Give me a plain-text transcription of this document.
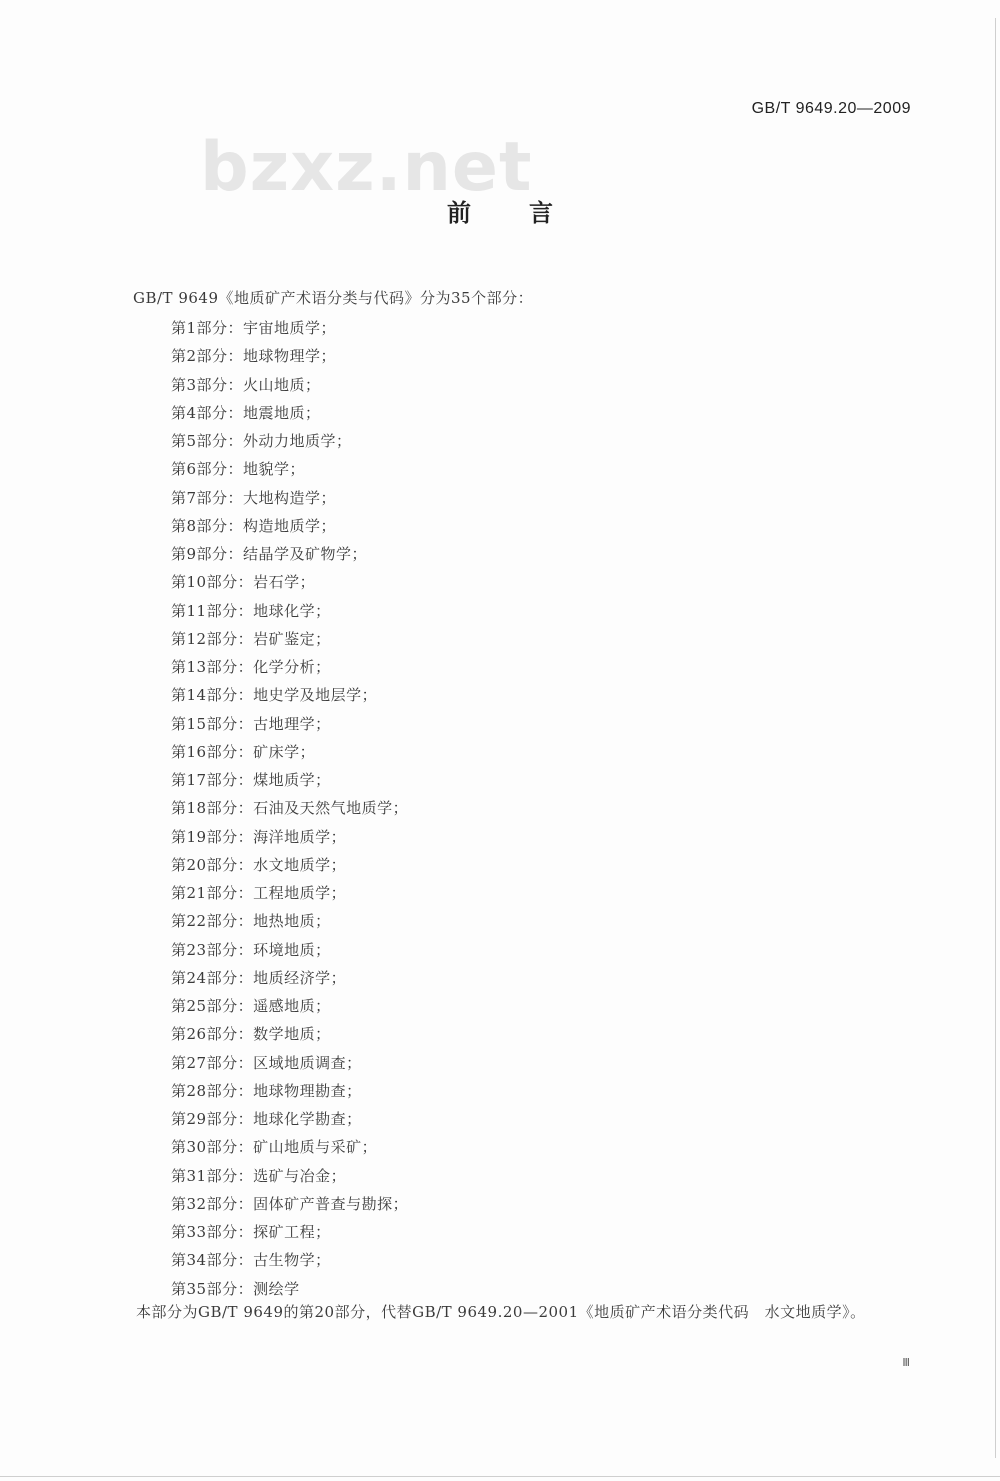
GB/T 9649.20—2009
bzxz.net
前言
GB/T 9649《地质矿产术语分类与代码》分为35个部分：
第1部分：宇宙地质学；
第2部分：地球物理学；
第3部分：火山地质；
第4部分：地震地质；
第5部分：外动力地质学；
第6部分：地貌学；
第7部分：大地构造学；
第8部分：构造地质学；
第9部分：结晶学及矿物学；
第10部分：岩石学；
第11部分：地球化学；
第12部分：岩矿鉴定；
第13部分：化学分析；
第14部分：地史学及地层学；
第15部分：古地理学；
第16部分：矿床学；
第17部分：煤地质学；
第18部分：石油及天然气地质学；
第19部分：海洋地质学；
第20部分：水文地质学；
第21部分：工程地质学；
第22部分：地热地质；
第23部分：环境地质；
第24部分：地质经济学；
第25部分：遥感地质；
第26部分：数学地质；
第27部分：区域地质调查；
第28部分：地球物理勘查；
第29部分：地球化学勘查；
第30部分：矿山地质与采矿；
第31部分：选矿与冶金；
第32部分：固体矿产普查与勘探；
第33部分：探矿工程；
第34部分：古生物学；
第35部分：测绘学
本部分为GB/T 9649的第20部分，代替GB/T 9649.20—2001《地质矿产术语分类代码　水文地质学》。
Ⅲ
